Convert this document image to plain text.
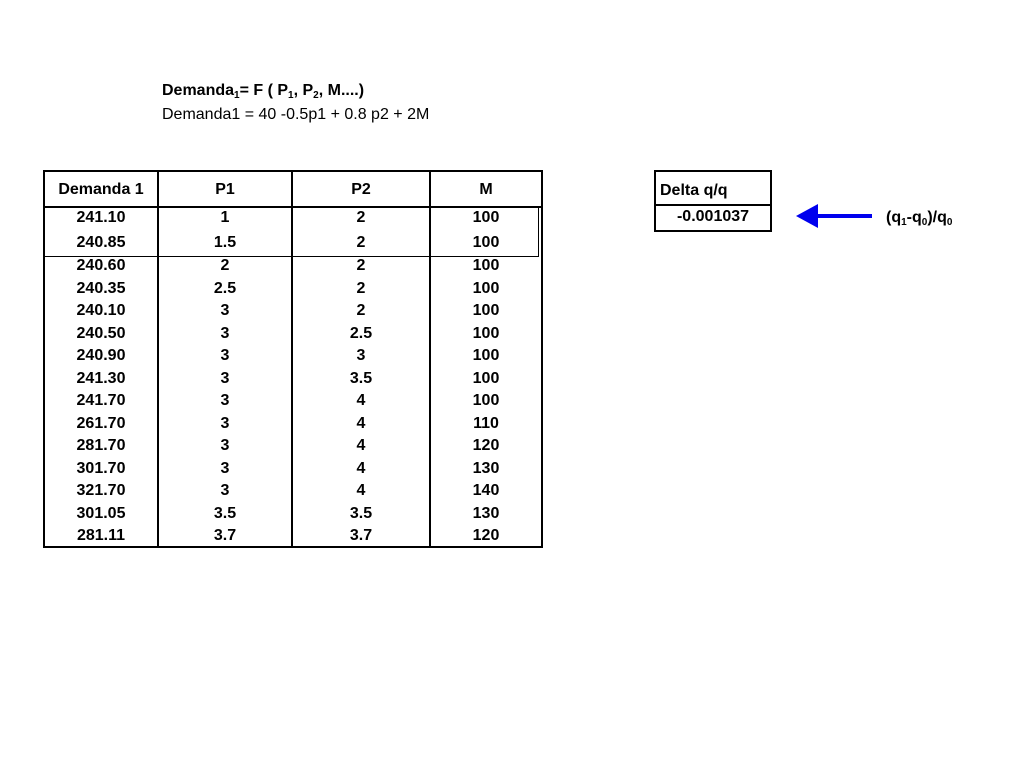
Demanda$_1$= F ( $P_1$, $P_2$, M....)
Demanda1 = 40 -0.5p1 + 0.8 p2 + 2M
Demanda 1	P1	P2	M
241.10	1	2	100
240.85	1.5	2	100
240.60	2	2	100
240.35	2.5	2	100
240.10	3	2	100
240.50	3	2.5	100
240.90	3	3	100
241.30	3	3.5	100
241.70	3	4	100
261.70	3	4	110
281.70	3	4	120
301.70	3	4	130
321.70	3	4	140
301.05	3.5	3.5	130
281.11	3.7	3.7	120
Delta q/q
-0.001037	$(q_1-q_0)/q_0$
